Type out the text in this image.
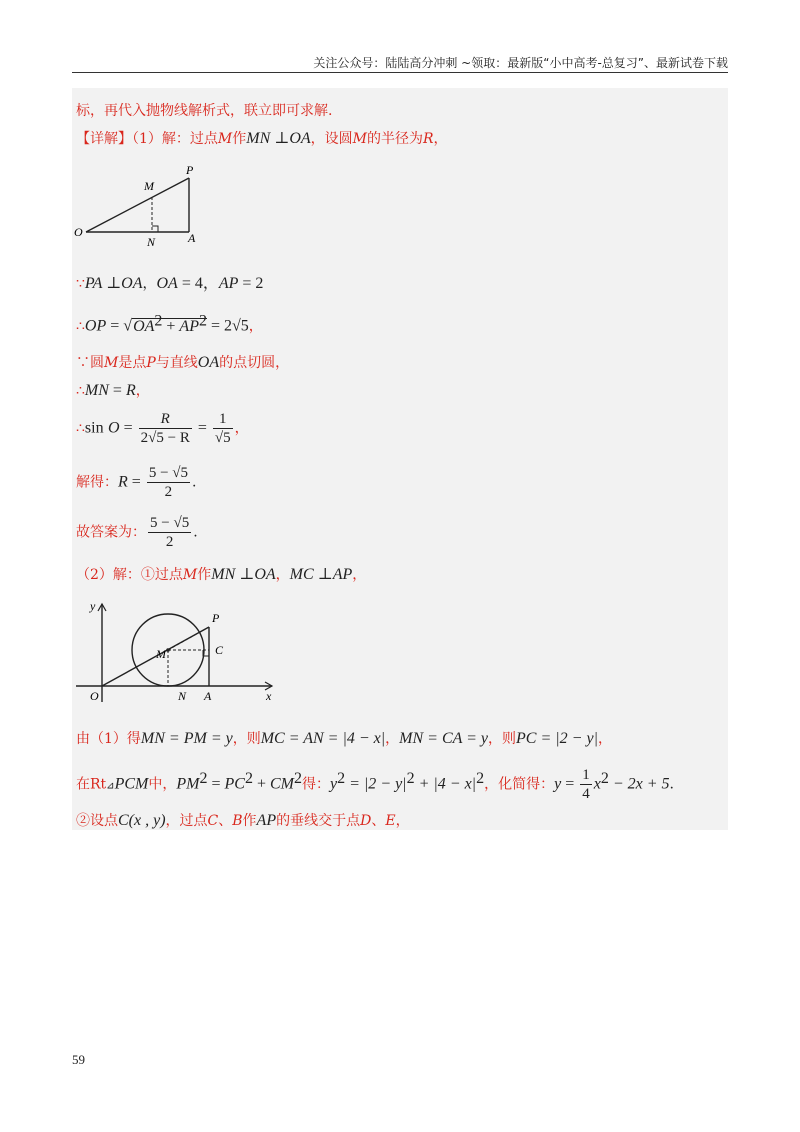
关注公众号：陆陆高分冲刺 ~领取：最新版“小中高考-总复习”、最新试卷下载
标，再代入抛物线解析式，联立即可求解.
【详解】（1）解：过点M作MN ⊥OA，设圆M的半径为R，
P
M
O
N	A
∵PA ⊥OA，OA = 4，AP = 2
∴OP = $√OA^2 + AP^2 = 2√5$，
∵圆M是点P与直线OA的点切圆，
∴MN = R，
∴sin $O = \frac{R}{2√5 - R} = \frac{1}{√5}$ ，
解得：$R = \frac{5 - √5}{2}$ .
故答案为： $\frac{5 - √5}{2}$ .
（2）解：①过点M作MN ⊥OA，MC ⊥AP，
y
P
M	C
O	N A	x
由（1）得MN = PM = y，则MC = AN = |4 − x|，MN = CA = y，则PC = |2 − y|，
在Rt⊿PCM中，$PM^2 = PC^2 + CM^2$得：$y^2 = |2 - y|^2 + |4 - x|^2$，化简得：$y = \frac{1}{4} x^2 - 2x + 5$.
②设点C(x , y)，过点C、B作AP的垂线交于点D、E，
59
